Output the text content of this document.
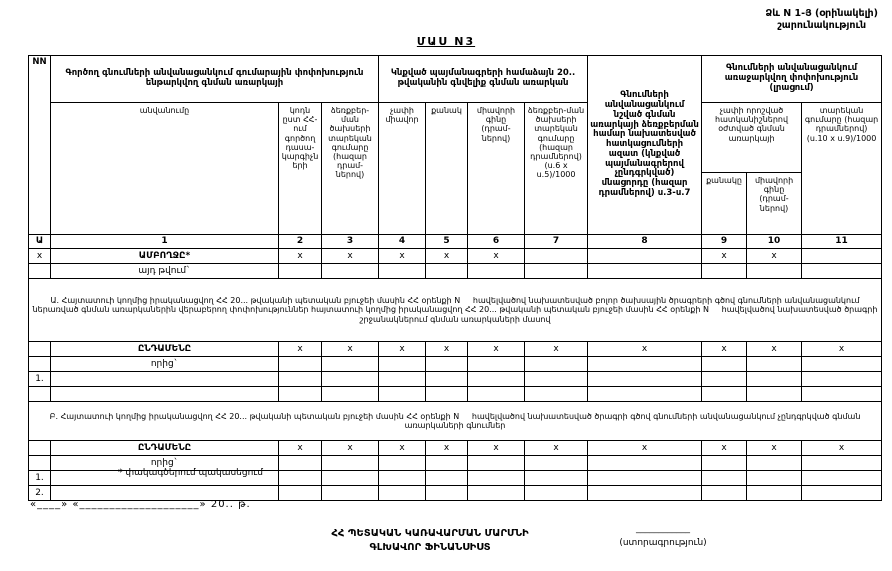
Ձև N 1-Յ (օրինակելի)
շարունակություն
ՄԱՍ N3
NN	Գործող գնումների անվանացանկում գումարային փոփոխություն ենթարկվող գնման առարկայի			Կնքված պայմանագրերի համաձայն 20.. թվականին գնվելիք գնման առարկան				Գնումների անվանացանկում նշված գնման առարկայի ձեռքբերման համար նախատեսված հատկացումների ազատ (կնքված պայմանագրերով չընդգրկված) մնացորդը (հազար դրամներով) ս.3-ս.7	Գնումների անվանացանկում առաջարկվող փոփոխություն (լրացում)		
	անվանումը	կոդն ըստ ՀՀ-ում գործող դասա-կարգիչների	ձեռքբեր-ման ծախսերի տարեկան գումարը (հազար դրամ-ներով)	չափի միավոր	քանակ	միավորի գինը (դրամ-ներով)	ձեռքբեր-ման ծախսերի տարեկան գումարը (հազար դրամներով) (ս.6 x ս.5)/1000		չափի որոշված հատկանիշներով օժտված գնման առարկայի		տարեկան գումարը (հազար դրամներով) (ս.10 x ս.9)/1000
									քանակը	միավորի գինը (դրամ-ներով)	
Ա	1	2	3	4	5	6	7	8	9	10	11
x	ԱՄԲՈՂՋԸ*	x	x	x	x	x			x	x	
	այդ թվում`										
Ա. Հայտատուի կողմից իրականացվող ՀՀ 20... թվականի պետական բյուջեի մասին ՀՀ օրենքի N     հավելվածով նախատեսված բոլոր ծախսային ծրագրերի գծով գնումների անվանացանկում ներառված գնման առարկաներին վերաբերող փոփոխություններ հայտատուի կողմից իրականացվող ՀՀ 20... թվականի պետական բյուջեի մասին ՀՀ օրենքի N     հավելվածով նախատեսված ծրագրի շրջանակներում գնման առարկաների մասով											
	ԸՆԴԱՄԵՆԸ	x	x	x	x	x	x	x	x	x	x
	որից`										
1.											

Բ. Հայտատուի կողմից իրականացվող ՀՀ 20... թվականի պետական բյուջեի մասին ՀՀ օրենքի N     հավելվածով նախատեսված ծրագրի գծով գնումների անվանացանկում չընդգրկված գնման առարկաների գնումներ											
	ԸՆԴԱՄԵՆԸ	x	x	x	x	x	x	x	x	x	x
	որից`										
1.											
2.											
* փակագծերում պակասեցում
«____» «____________________» 20.. թ.
ՀՀ ՊԵՏԱԿԱՆ ԿԱՌԱՎԱՐՄԱՆ ՄԱՐՄՆԻ
ԳԼԽԱՎՈՐ ՖԻՆԱՆՍԻՍՏ
____________
(ստորագրություն)
